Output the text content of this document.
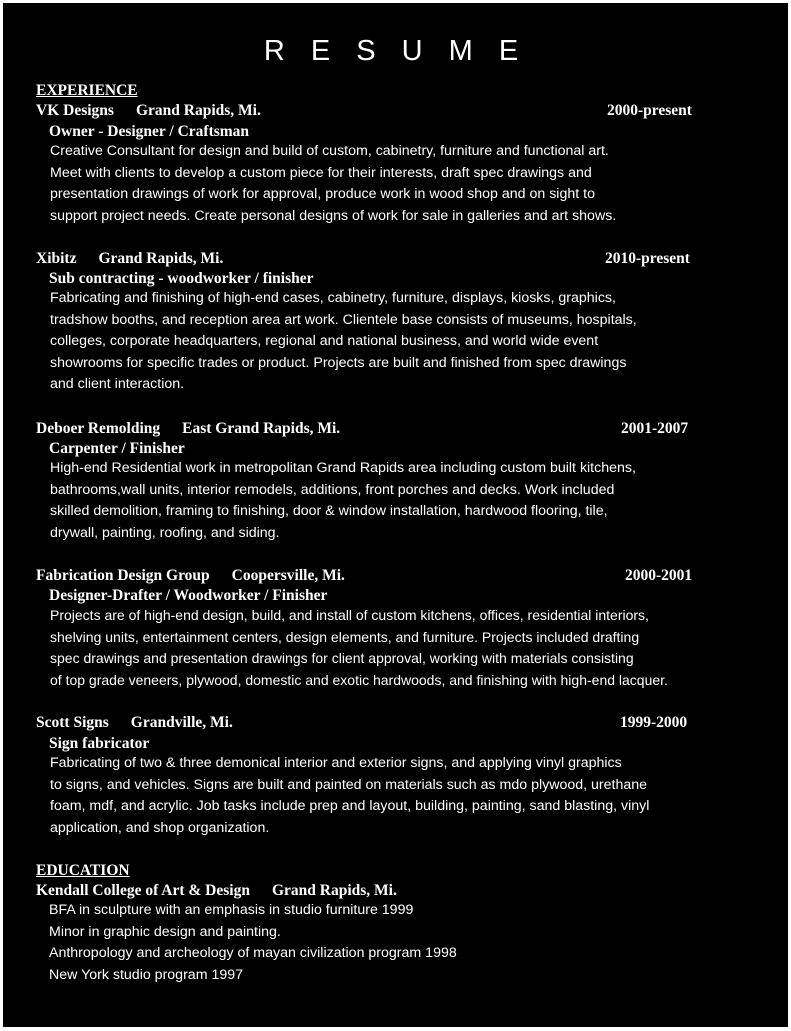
R E S U M E
EXPERIENCE
VK Designs Grand Rapids, Mi.	2000-present
Owner - Designer / Craftsman
Creative Consultant for design and build of custom, cabinetry, furniture and functional art.
Meet with clients to develop a custom piece for their interests, draft spec drawings and
presentation drawings of work for approval, produce work in wood shop and on sight to
support project needs. Create personal designs of work for sale in galleries and art shows.
Xibitz Grand Rapids, Mi.	2010-present
Sub contracting - woodworker / finisher
Fabricating and finishing of high-end cases, cabinetry, furniture, displays, kiosks, graphics,
tradshow booths, and reception area art work. Clientele base consists of museums, hospitals,
colleges, corporate headquarters, regional and national business, and world wide event
showrooms for specific trades or product. Projects are built and finished from spec drawings
and client interaction.
Deboer Remolding East Grand Rapids, Mi.	2001-2007
Carpenter / Finisher
High-end Residential work in metropolitan Grand Rapids area including custom built kitchens,
bathrooms,wall units, interior remodels, additions, front porches and decks. Work included
skilled demolition, framing to finishing, door & window installation, hardwood flooring, tile,
drywall, painting, roofing, and siding.
Fabrication Design Group Coopersville, Mi.	2000-2001
Designer-Drafter / Woodworker / Finisher
Projects are of high-end design, build, and install of custom kitchens, offices, residential interiors,
shelving units, entertainment centers, design elements, and furniture. Projects included drafting
spec drawings and presentation drawings for client approval, working with materials consisting
of top grade veneers, plywood, domestic and exotic hardwoods, and finishing with high-end lacquer.
Scott Signs Grandville, Mi.	1999-2000
Sign fabricator
Fabricating of two & three demonical interior and exterior signs, and applying vinyl graphics
to signs, and vehicles. Signs are built and painted on materials such as mdo plywood, urethane
foam, mdf, and acrylic. Job tasks include prep and layout, building, painting, sand blasting, vinyl
application, and shop organization.
EDUCATION
Kendall College of Art & Design Grand Rapids, Mi.
BFA in sculpture with an emphasis in studio furniture 1999
Minor in graphic design and painting.
Anthropology and archeology of mayan civilization program 1998
New York studio program 1997
